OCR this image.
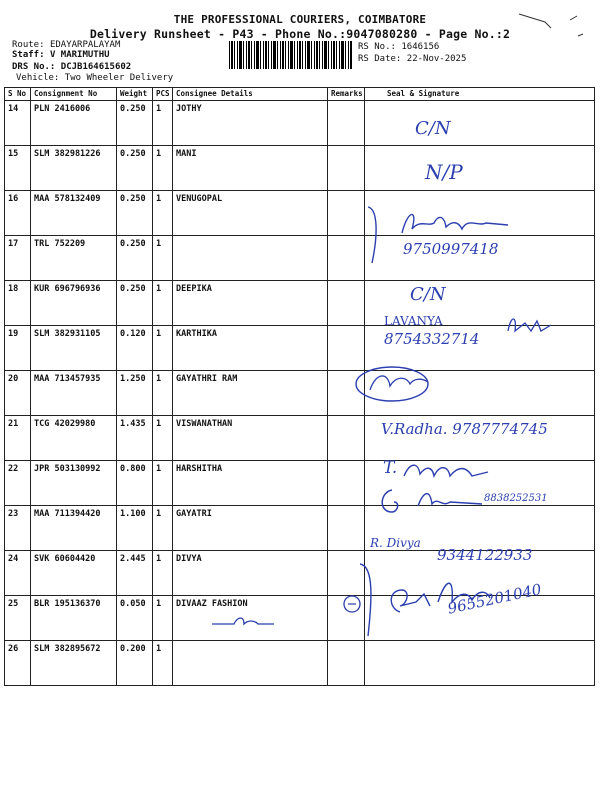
THE PROFESSIONAL COURIERS, COIMBATORE
Delivery Runsheet - P43 - Phone No.:9047080280 - Page No.:2
Route: EDAYARPALAYAM
Staff: V MARIMUTHU
DRS No.: DCJB164615602
Vehicle: Two Wheeler Delivery
RS No.: 1646156
RS Date: 22-Nov-2025
S No	Consignment No	Weight	PCS	Consignee Details	Remarks	Seal & Signature
14	PLN 2416006	0.250	1	JOTHY		
15	SLM 382981226	0.250	1	MANI		
16	MAA 578132409	0.250	1	VENUGOPAL		
17	TRL 752209	0.250	1			
18	KUR 696796936	0.250	1	DEEPIKA		
19	SLM 382931105	0.120	1	KARTHIKA		
20	MAA 713457935	1.250	1	GAYATHRI RAM		
21	TCG 42029980	1.435	1	VISWANATHAN		
22	JPR 503130992	0.800	1	HARSHITHA		
23	MAA 711394420	1.100	1	GAYATRI		
24	SVK 60604420	2.445	1	DIVYA		
25	BLR 195136370	0.050	1	DIVAAZ FASHION		
26	SLM 382895672	0.200	1			
C/N
N/P
9750997418
C/N
LAVANYA
8754332714
V.Radha. 9787774745
T.
8838252531
R. Divya
9344122933
9655201040
